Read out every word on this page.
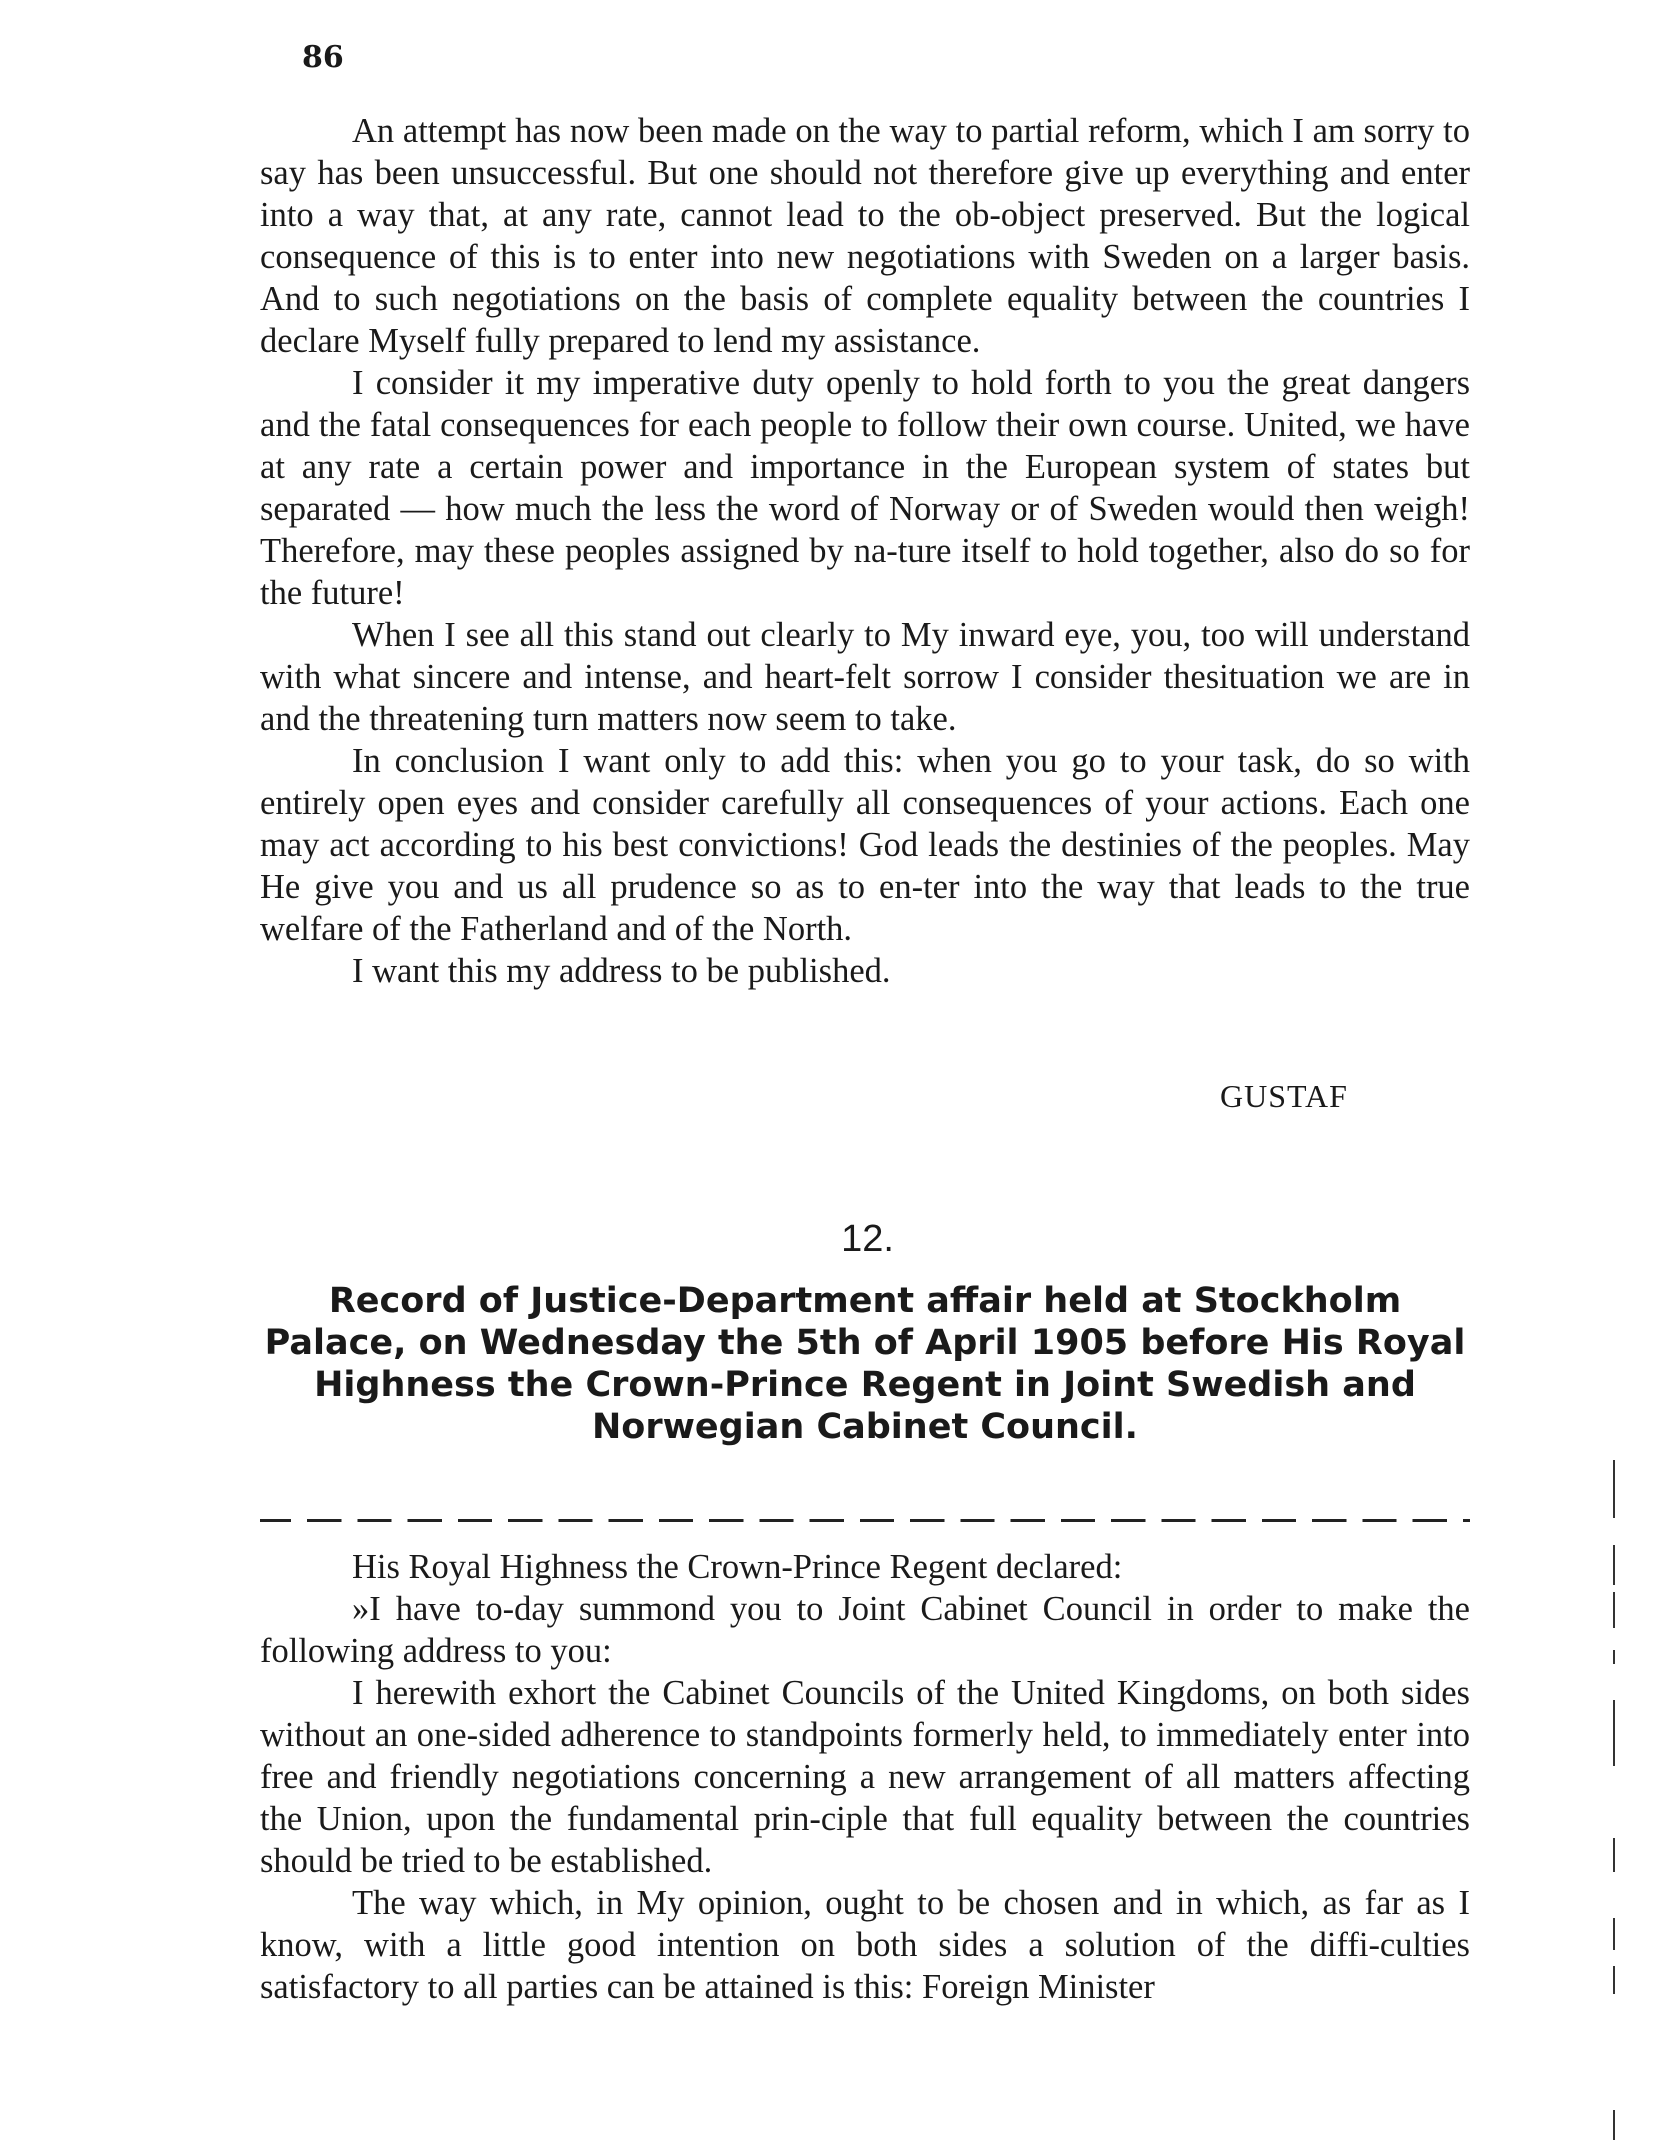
86

An attempt has now been made on the way to partial reform, which I am sorry to say has been unsuccessful. But one should not therefore give up everything and enter into a way that, at any rate, cannot lead to the ob-object preserved. But the logical consequence of this is to enter into new negotiations with Sweden on a larger basis. And to such negotiations on the basis of complete equality between the countries I declare Myself fully prepared to lend my assistance.

I consider it my imperative duty openly to hold forth to you the great dangers and the fatal consequences for each people to follow their own course. United, we have at any rate a certain power and importance in the European system of states but separated — how much the less the word of Norway or of Sweden would then weigh! Therefore, may these peoples assigned by na-ture itself to hold together, also do so for the future!

When I see all this stand out clearly to My inward eye, you, too will understand with what sincere and intense, and heart-felt sorrow I consider thesituation we are in and the threatening turn matters now seem to take.

In conclusion I want only to add this: when you go to your task, do so with entirely open eyes and consider carefully all consequences of your actions. Each one may act according to his best convictions! God leads the destinies of the peoples. May He give you and us all prudence so as to en-ter into the way that leads to the true welfare of the Fatherland and of the North.

I want this my address to be published.

GUSTAF
12.
Record of Justice-Department affair held at Stockholm Palace, on Wednesday the 5th of April 1905 before His Royal Highness the Crown-Prince Regent in Joint Swedish and Norwegian Cabinet Council.

His Royal Highness the Crown-Prince Regent declared:

»I have to-day summond you to Joint Cabinet Council in order to make the following address to you:

I herewith exhort the Cabinet Councils of the United Kingdoms, on both sides without an one-sided adherence to standpoints formerly held, to immediately enter into free and friendly negotiations concerning a new arrangement of all matters affecting the Union, upon the fundamental prin-ciple that full equality between the countries should be tried to be established.

The way which, in My opinion, ought to be chosen and in which, as far as I know, with a little good intention on both sides a solution of the diffi-culties satisfactory to all parties can be attained is this: Foreign Minister
